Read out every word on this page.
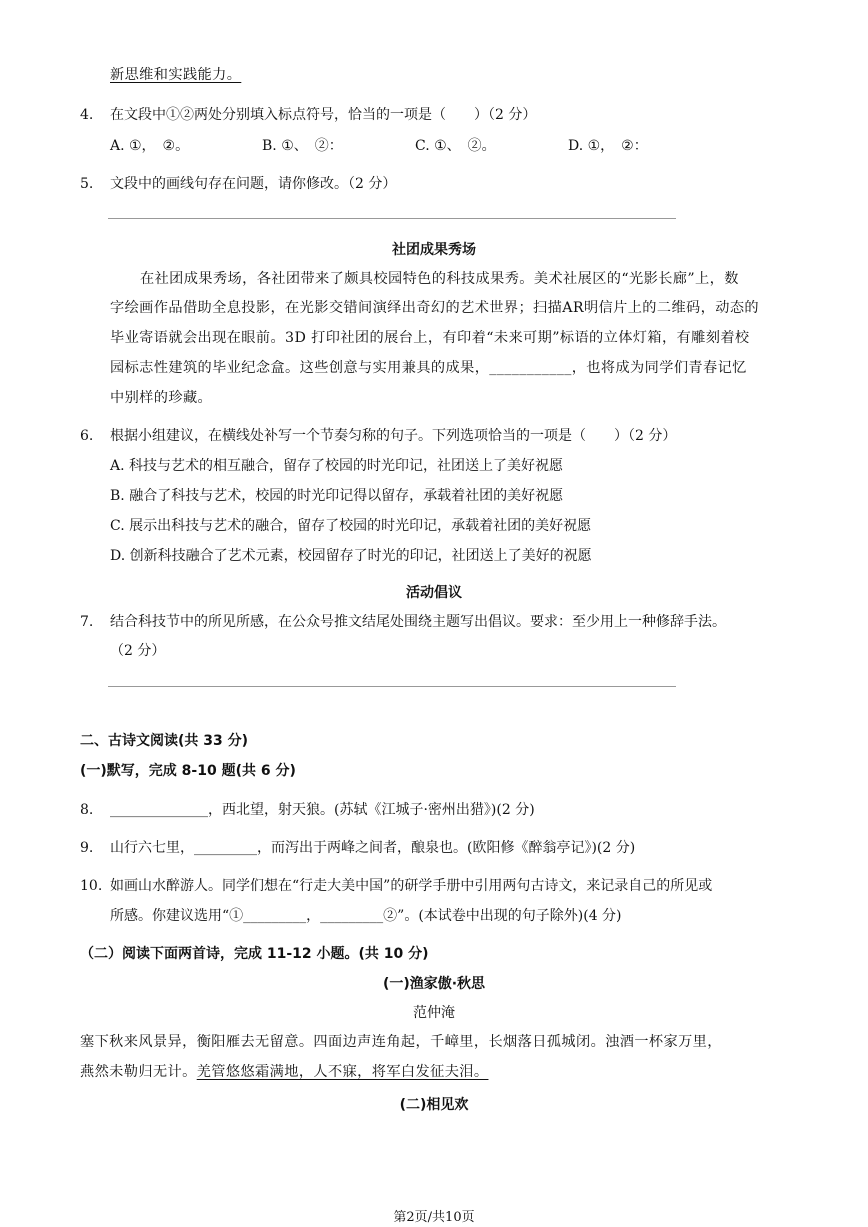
新思维和实践能力。
4. 在文段中①②两处分别填入标点符号，恰当的一项是（　　）（2 分）
A. ①，　②。	B. ①、　②：	C. ①、　②。	D. ①，　②：
5. 文段中的画线句存在问题，请你修改。（2 分）
社团成果秀场
在社团成果秀场，各社团带来了颇具校园特色的科技成果秀。美术社展区的“光影长廊”上，数
字绘画作品借助全息投影，在光影交错间演绎出奇幻的艺术世界；扫描AR明信片上的二维码，动态的
毕业寄语就会出现在眼前。3D 打印社团的展台上，有印着“未来可期”标语的立体灯箱，有雕刻着校
园标志性建筑的毕业纪念盒。这些创意与实用兼具的成果，___________，也将成为同学们青春记忆
中别样的珍藏。
6. 根据小组建议，在横线处补写一个节奏匀称的句子。下列选项恰当的一项是（　　）（2 分）
A. 科技与艺术的相互融合，留存了校园的时光印记，社团送上了美好祝愿
B. 融合了科技与艺术，校园的时光印记得以留存，承载着社团的美好祝愿
C. 展示出科技与艺术的融合，留存了校园的时光印记，承载着社团的美好祝愿
D. 创新科技融合了艺术元素，校园留存了时光的印记，社团送上了美好的祝愿
活动倡议
7. 结合科技节中的所见所感，在公众号推文结尾处围绕主题写出倡议。要求：至少用上一种修辞手法。
（2 分）
二、古诗文阅读(共 33 分)
(一)默写，完成 8-10 题(共 6 分)
8. ______________，西北望，射天狼。(苏轼《江城子·密州出猎》)(2 分)
9. 山行六七里，_________，而泻出于两峰之间者，酿泉也。(欧阳修《醉翁亭记》)(2 分)
10. 如画山水醉游人。同学们想在“行走大美中国”的研学手册中引用两句古诗文，来记录自己的所见或
所感。你建议选用“①_________，_________②”。(本试卷中出现的句子除外)(4 分)
（二）阅读下面两首诗，完成 11-12 小题。(共 10 分)
(一)渔家傲·秋思
范仲淹
塞下秋来风景异，衡阳雁去无留意。四面边声连角起，千嶂里，长烟落日孤城闭。浊酒一杯家万里，
燕然未勒归无计。羌管悠悠霜满地，人不寐，将军白发征夫泪。
(二)相见欢
第2页/共10页
